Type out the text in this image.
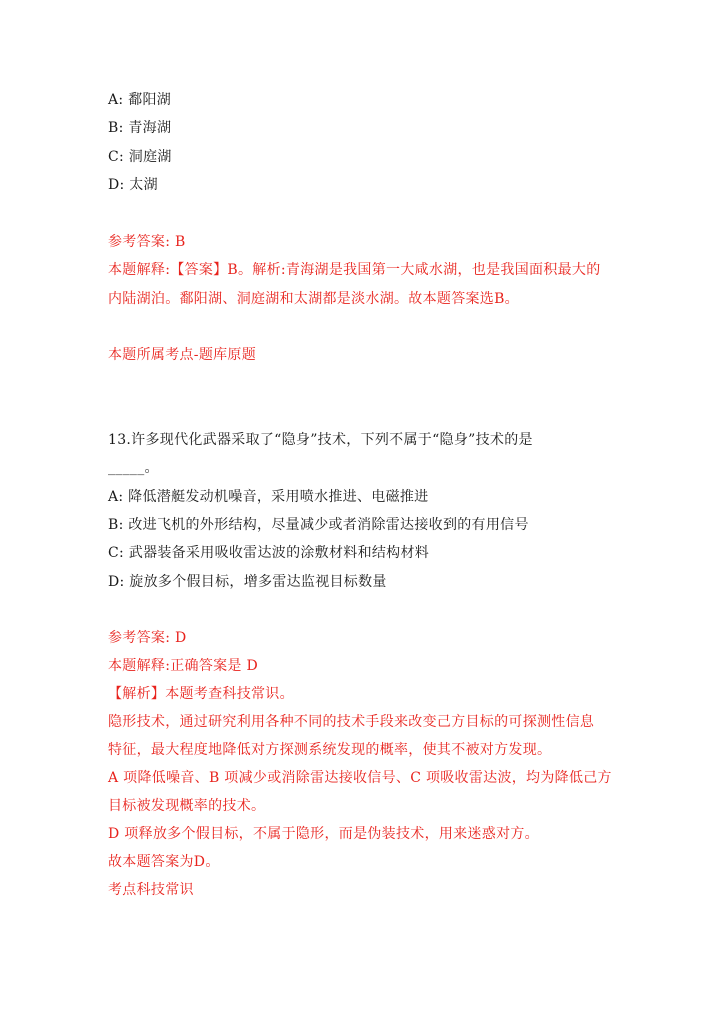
A: 鄱阳湖
B: 青海湖
C: 洞庭湖
D: 太湖
参考答案: B
本题解释:【答案】B。解析:青海湖是我国第一大咸水湖，也是我国面积最大的
内陆湖泊。鄱阳湖、洞庭湖和太湖都是淡水湖。故本题答案选B。
本题所属考点-题库原题
13.许多现代化武器采取了“隐身”技术，下列不属于“隐身”技术的是
_____。
A: 降低潜艇发动机噪音，采用喷水推进、电磁推进
B: 改进飞机的外形结构，尽量减少或者消除雷达接收到的有用信号
C: 武器装备采用吸收雷达波的涂敷材料和结构材料
D: 旋放多个假目标，增多雷达监视目标数量
参考答案: D
本题解释:正确答案是 D
【解析】本题考查科技常识。
隐形技术，通过研究利用各种不同的技术手段来改变己方目标的可探测性信息
特征，最大程度地降低对方探测系统发现的概率，使其不被对方发现。
A 项降低噪音、B 项减少或消除雷达接收信号、C 项吸收雷达波，均为降低己方
目标被发现概率的技术。
D 项释放多个假目标，不属于隐形，而是伪装技术，用来迷惑对方。
故本题答案为D。
考点科技常识
